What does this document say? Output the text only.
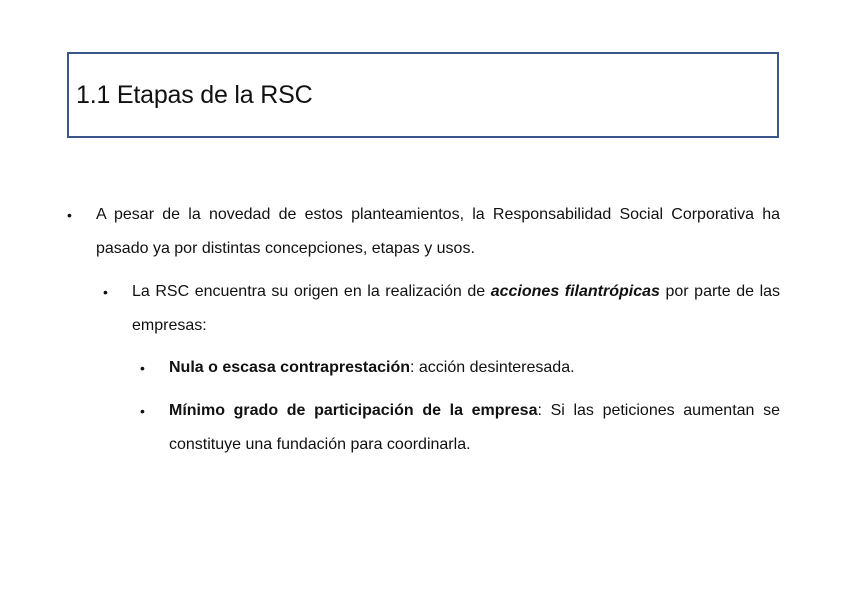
1.1 Etapas de la RSC
• A pesar de la novedad de estos planteamientos, la Responsabilidad Social Corporativa ha pasado ya por distintas concepciones, etapas y usos.
• La RSC encuentra su origen en la realización de acciones filantrópicas por parte de las empresas:
• Nula o escasa contraprestación: acción desinteresada.
• Mínimo grado de participación de la empresa: Si las peticiones aumentan se constituye una fundación para coordinarla.
